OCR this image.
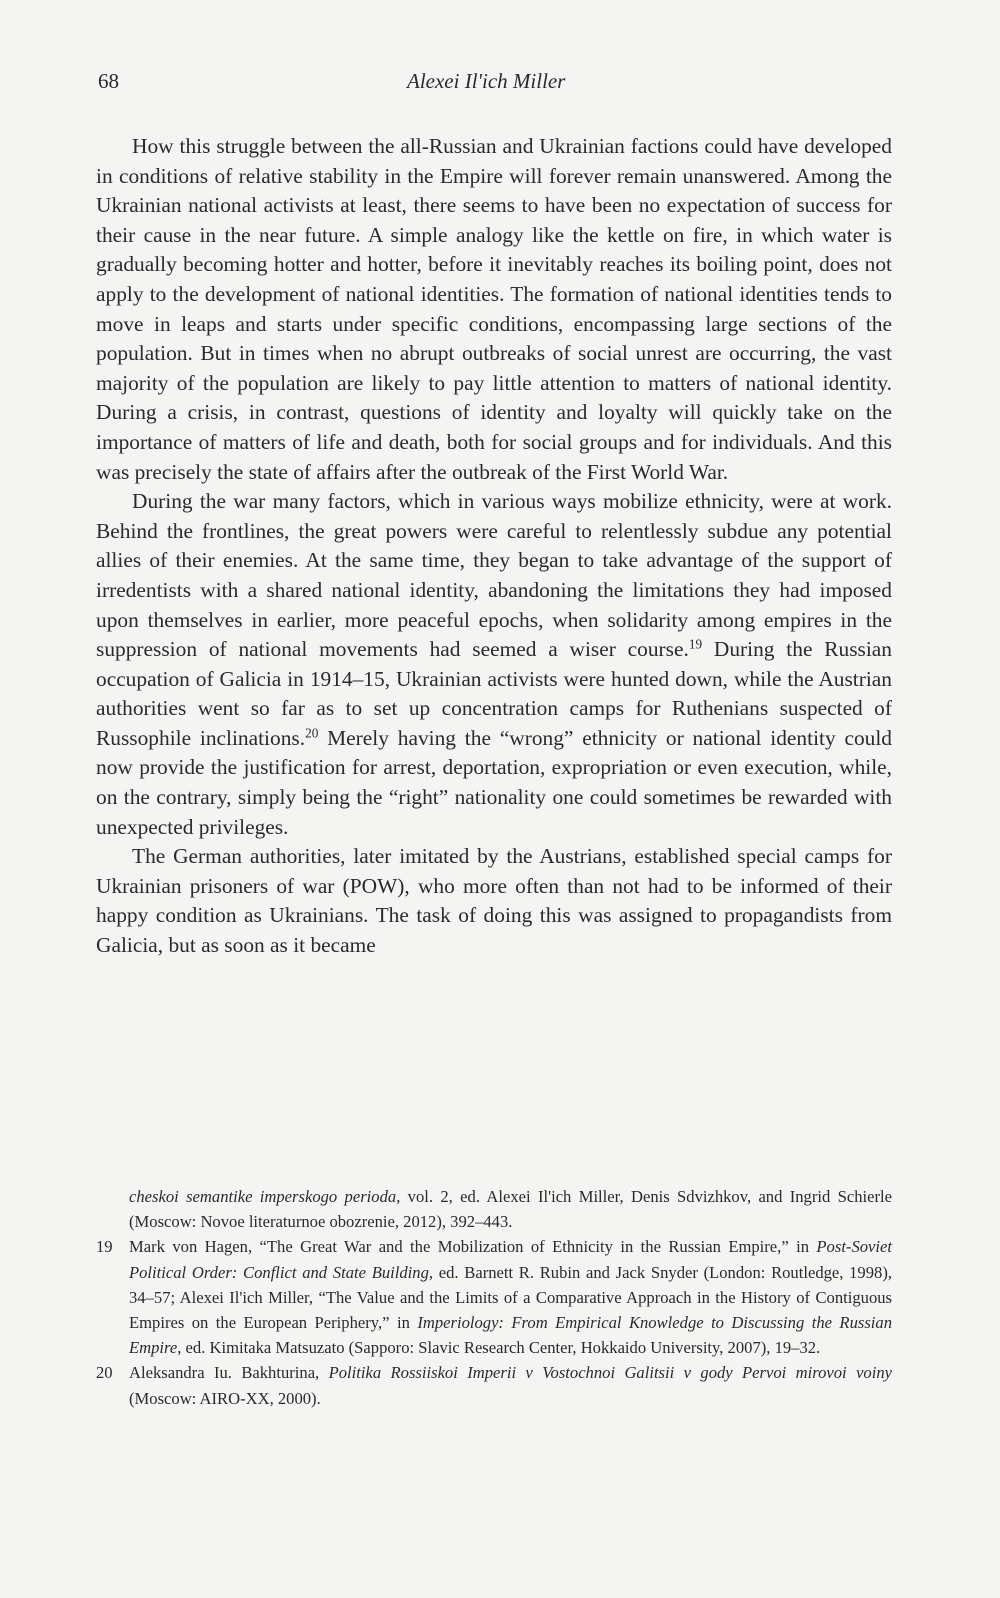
68	Alexei Il'ich Miller

How this struggle between the all-Russian and Ukrainian factions could have developed in conditions of relative stability in the Empire will forever remain unanswered. Among the Ukrainian national activists at least, there seems to have been no expectation of success for their cause in the near future. A simple analogy like the kettle on fire, in which water is gradually becoming hotter and hotter, before it inevitably reaches its boiling point, does not apply to the development of national identities. The formation of national identities tends to move in leaps and starts under specific conditions, encompassing large sections of the population. But in times when no abrupt outbreaks of social unrest are occurring, the vast majority of the population are likely to pay little attention to matters of national identity. During a crisis, in contrast, questions of identity and loyalty will quickly take on the importance of matters of life and death, both for social groups and for individuals. And this was precisely the state of affairs after the outbreak of the First World War.

During the war many factors, which in various ways mobilize ethnicity, were at work. Behind the frontlines, the great powers were careful to relentlessly subdue any potential allies of their enemies. At the same time, they began to take advantage of the support of irredentists with a shared national identity, abandoning the limitations they had imposed upon themselves in earlier, more peaceful epochs, when solidarity among empires in the suppression of national movements had seemed a wiser course.$^{19}$ During the Russian occupation of Galicia in 1914–15, Ukrainian activists were hunted down, while the Austrian authorities went so far as to set up concentration camps for Ruthenians suspected of Russophile inclinations.$^{20}$ Merely having the “wrong” ethnicity or national identity could now provide the justification for arrest, deportation, expropriation or even execution, while, on the contrary, simply being the “right” nationality one could sometimes be rewarded with unexpected privileges.

The German authorities, later imitated by the Austrians, established special camps for Ukrainian prisoners of war (POW), who more often than not had to be informed of their happy condition as Ukrainians. The task of doing this was assigned to propagandists from Galicia, but as soon as it became

cheskoi semantike imperskogo perioda, vol. 2, ed. Alexei Il'ich Miller, Denis Sdvizhkov, and Ingrid Schierle (Moscow: Novoe literaturnoe obozrenie, 2012), 392–443.

19 Mark von Hagen, “The Great War and the Mobilization of Ethnicity in the Russian Empire,” in Post-Soviet Political Order: Conflict and State Building, ed. Barnett R. Rubin and Jack Snyder (London: Routledge, 1998), 34–57; Alexei Il'ich Miller, “The Value and the Limits of a Comparative Approach in the History of Contiguous Empires on the European Periphery,” in Imperiology: From Empirical Knowledge to Discussing the Russian Empire, ed. Kimitaka Matsuzato (Sapporo: Slavic Research Center, Hokkaido University, 2007), 19–32.

20 Aleksandra Iu. Bakhturina, Politika Rossiiskoi Imperii v Vostochnoi Galitsii v gody Pervoi mirovoi voiny (Moscow: AIRO-XX, 2000).
